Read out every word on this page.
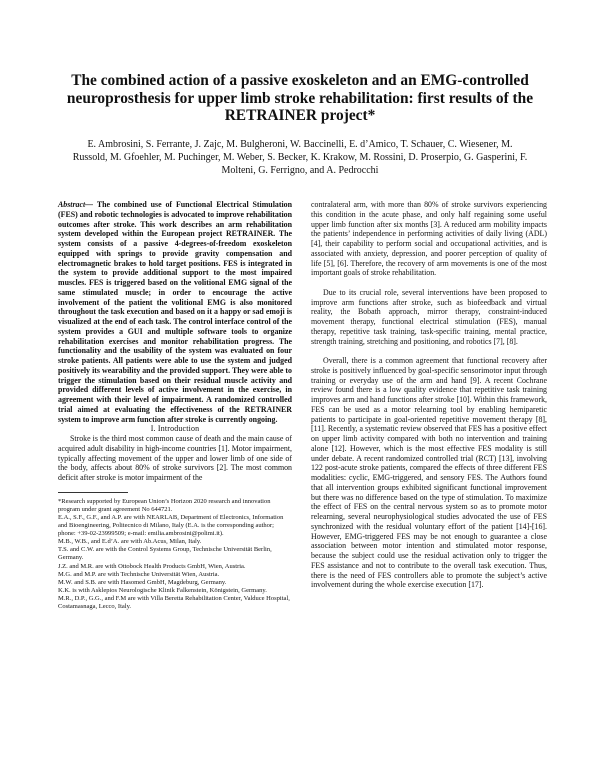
The combined action of a passive exoskeleton and an EMG-controlled neuroprosthesis for upper limb stroke rehabilitation: first results of the RETRAINER project*

E. Ambrosini, S. Ferrante, J. Zajc, M. Bulgheroni, W. Baccinelli, E. d’Amico, T. Schauer, C. Wiesener, M. Russold, M. Gfoehler, M. Puchinger, M. Weber, S. Becker, K. Krakow, M. Rossini, D. Proserpio, G. Gasperini, F. Molteni, G. Ferrigno, and A. Pedrocchi

Abstract— The combined use of Functional Electrical Stimulation (FES) and robotic technologies is advocated to improve rehabilitation outcomes after stroke. This work describes an arm rehabilitation system developed within the European project RETRAINER. The system consists of a passive 4-degrees-of-freedom exoskeleton equipped with springs to provide gravity compensation and electromagnetic brakes to hold target positions. FES is integrated in the system to provide additional support to the most impaired muscles. FES is triggered based on the volitional EMG signal of the same stimulated muscle; in order to encourage the active involvement of the patient the volitional EMG is also monitored throughout the task execution and based on it a happy or sad emoji is visualized at the end of each task. The control interface control of the system provides a GUI and multiple software tools to organize rehabilitation exercises and monitor rehabilitation progress. The functionality and the usability of the system was evaluated on four stroke patients. All patients were able to use the system and judged positively its wearability and the provided support. They were able to trigger the stimulation based on their residual muscle activity and provided different levels of active involvement in the exercise, in agreement with their level of impairment. A randomized controlled trial aimed at evaluating the effectiveness of the RETRAINER system to improve arm function after stroke is currently ongoing.

I. Introduction

Stroke is the third most common cause of death and the main cause of acquired adult disability in high-income countries [1]. Motor impairment, typically affecting movement of the upper and lower limb of one side of the body, affects about 80% of stroke survivors [2]. The most common deficit after stroke is motor impairment of the

*Research supported by European Union’s Horizon 2020 research and innovation program under grant agreement No 644721.

E.A., S.F., G.F., and A.P. are with NEARLAB, Department of Electronics, Information and Bioengineering, Politecnico di Milano, Italy (E.A. is the corresponding author; phone: +39-02-23999509; e-mail: emilia.ambrosini@polimi.it).

M.B., W.B., and E.d’A. are with Ab.Acus, Milan, Italy.

T.S. and C.W. are with the Control Systems Group, Technische Universität Berlin, Germany.

J.Z. and M.R. are with Ottobock Health Products GmbH, Wien, Austria.

M.G. and M.P. are with Technische Universität Wien, Austria.

M.W. and S.B. are with Hasomed GmbH, Magdeburg, Germany.

K.K. is with Asklepios Neurologische Klinik Falkenstein, Königstein, Germany.

M.R., D.P., G.G., and F.M are with Villa Beretta Rehabilitation Center, Valduce Hospital, Costamasnaga, Lecco, Italy.

contralateral arm, with more than 80% of stroke survivors experiencing this condition in the acute phase, and only half regaining some useful upper limb function after six months [3]. A reduced arm mobility impacts the patients’ independence in performing activities of daily living (ADL) [4], their capability to perform social and occupational activities, and is associated with anxiety, depression, and poorer perception of quality of life [5], [6]. Therefore, the recovery of arm movements is one of the most important goals of stroke rehabilitation.

Due to its crucial role, several interventions have been proposed to improve arm functions after stroke, such as biofeedback and virtual reality, the Bobath approach, mirror therapy, constraint-induced movement therapy, functional electrical stimulation (FES), manual therapy, repetitive task training, task-specific training, mental practice, strength training, stretching and positioning, and robotics [7], [8].

Overall, there is a common agreement that functional recovery after stroke is positively influenced by goal-specific sensorimotor input through training or everyday use of the arm and hand [9]. A recent Cochrane review found there is a low quality evidence that repetitive task training improves arm and hand functions after stroke [10]. Within this framework, FES can be used as a motor relearning tool by enabling hemiparetic patients to participate in goal-oriented repetitive movement therapy [8], [11]. Recently, a systematic review observed that FES has a positive effect on upper limb activity compared with both no intervention and training alone [12]. However, which is the most effective FES modality is still under debate. A recent randomized controlled trial (RCT) [13], involving 122 post-acute stroke patients, compared the effects of three different FES modalities: cyclic, EMG-triggered, and sensory FES. The Authors found that all intervention groups exhibited significant functional improvement but there was no difference based on the type of stimulation. To maximize the effect of FES on the central nervous system so as to promote motor relearning, several neurophysiological studies advocated the use of FES synchronized with the residual voluntary effort of the patient [14]-[16]. However, EMG-triggered FES may be not enough to guarantee a close association between motor intention and stimulated motor response, because the subject could use the residual activation only to trigger the FES assistance and not to contribute to the overall task execution. Thus, there is the need of FES controllers able to promote the subject’s active involvement during the whole exercise execution [17].
